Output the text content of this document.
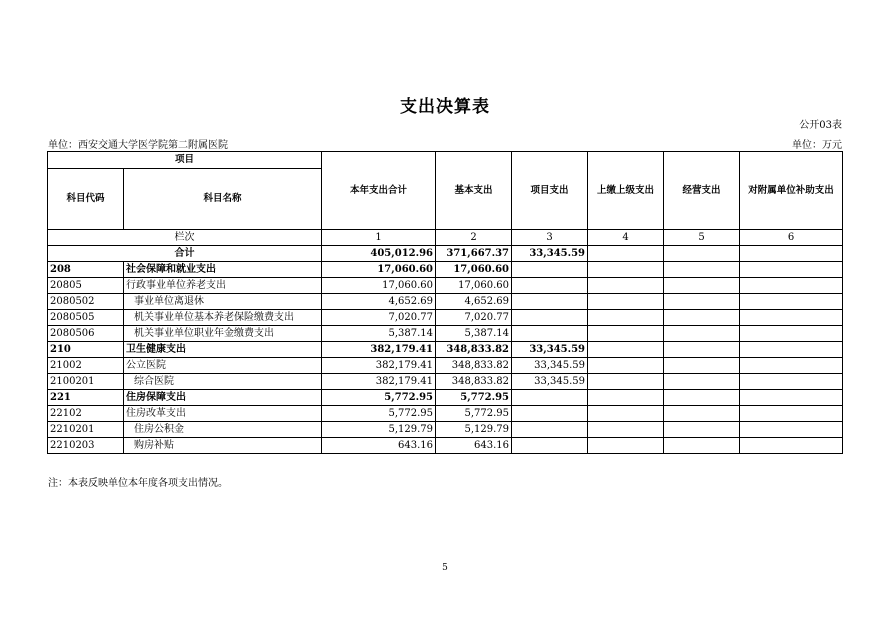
支出决算表
公开03表
单位：西安交通大学医学院第二附属医院	单位：万元
项目		本年支出合计	基本支出	项目支出	上缴上级支出	经营支出	对附属单位补助支出
科目代码	科目名称						
栏次		1	2	3	4	5	6
合计		405,012.96	371,667.37	33,345.59			
208	社会保障和就业支出	17,060.60	17,060.60				
20805	行政事业单位养老支出	17,060.60	17,060.60				
2080502	事业单位离退休	4,652.69	4,652.69				
2080505	机关事业单位基本养老保险缴费支出	7,020.77	7,020.77				
2080506	机关事业单位职业年金缴费支出	5,387.14	5,387.14				
210	卫生健康支出	382,179.41	348,833.82	33,345.59			
21002	公立医院	382,179.41	348,833.82	33,345.59			
2100201	综合医院	382,179.41	348,833.82	33,345.59			
221	住房保障支出	5,772.95	5,772.95				
22102	住房改革支出	5,772.95	5,772.95				
2210201	住房公积金	5,129.79	5,129.79				
2210203	购房补贴	643.16	643.16				
注：本表反映单位本年度各项支出情况。
5
